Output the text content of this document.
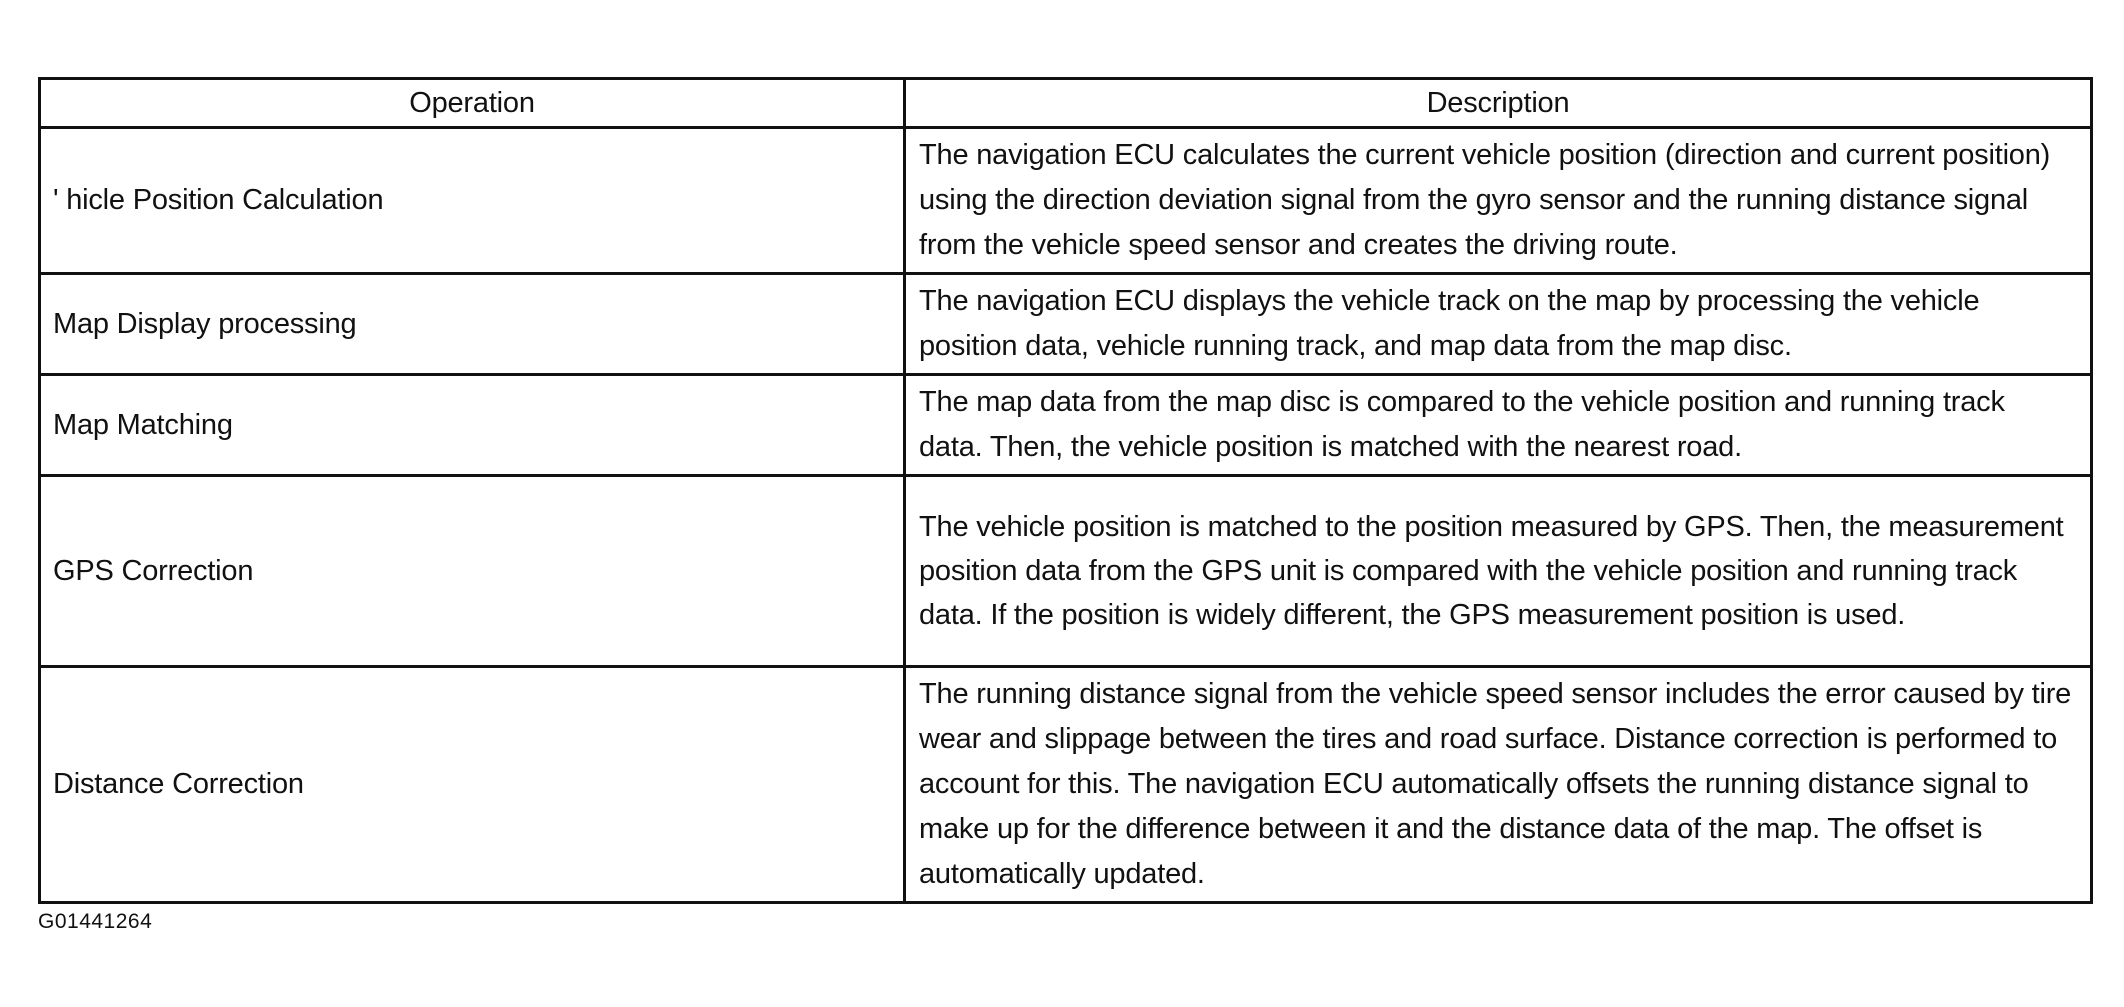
Operation	Description
' hicle Position Calculation	The navigation ECU calculates the current vehicle position (direction and current position) using the direction deviation signal from the gyro sensor and the running distance signal from the vehicle speed sensor and creates the driving route.
Map Display processing	The navigation ECU displays the vehicle track on the map by processing the vehicle position data, vehicle running track, and map data from the map disc.
Map Matching	The map data from the map disc is compared to the vehicle position and running track data. Then, the vehicle position is matched with the nearest road.
GPS Correction	The vehicle position is matched to the position measured by GPS. Then, the measurement position data from the GPS unit is compared with the vehicle position and running track data. If the position is widely different, the GPS measurement position is used.
Distance Correction	The running distance signal from the vehicle speed sensor includes the error caused by tire wear and slippage between the tires and road surface. Distance correction is performed to account for this. The navigation ECU automatically offsets the running distance signal to make up for the difference between it and the distance data of the map. The offset is automatically updated.
G01441264
